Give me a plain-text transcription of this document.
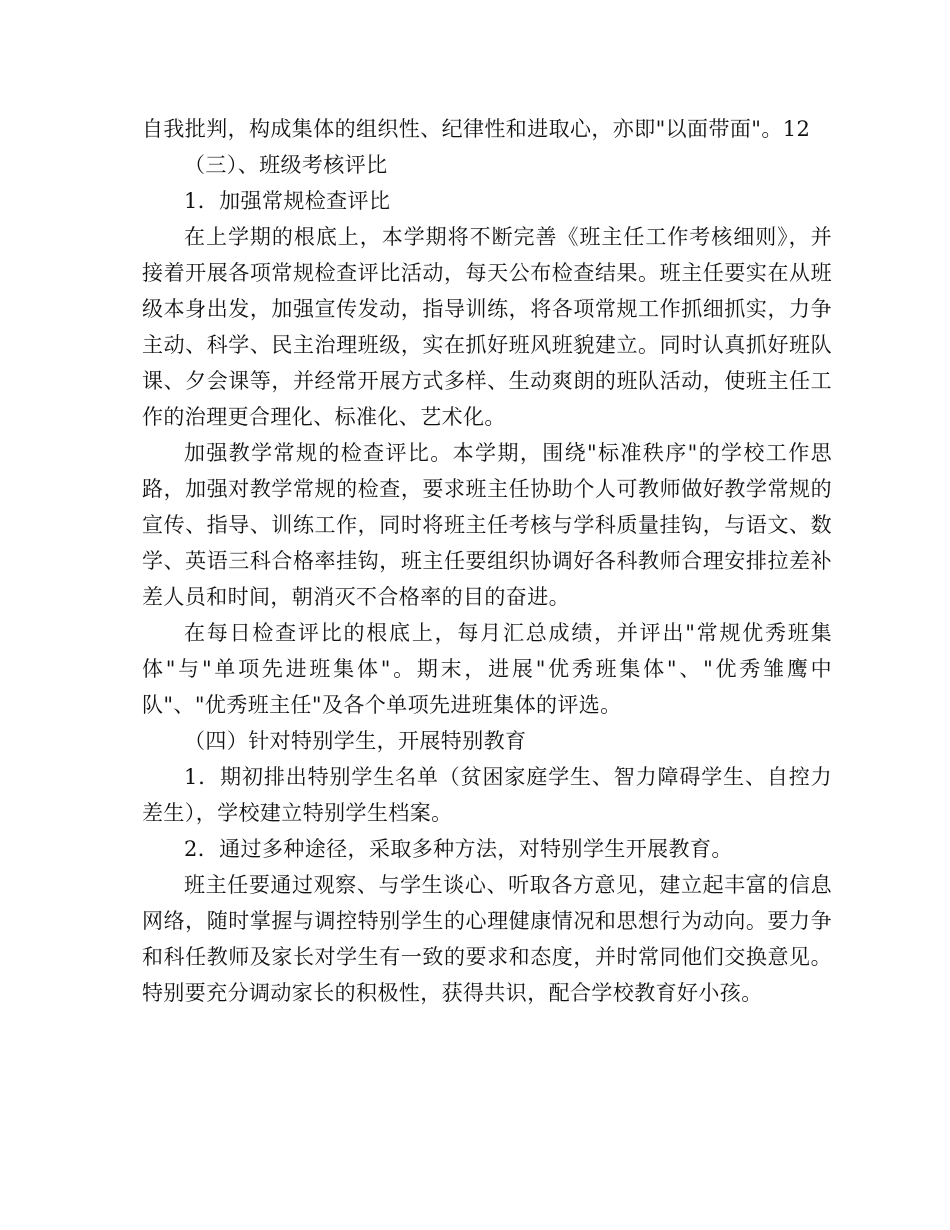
自我批判，构成集体的组织性、纪律性和进取心，亦即"以面带面"。12

（三）、班级考核评比

1．加强常规检查评比

在上学期的根底上，本学期将不断完善《班主任工作考核细则》，并接着开展各项常规检查评比活动，每天公布检查结果。班主任要实在从班级本身出发，加强宣传发动，指导训练，将各项常规工作抓细抓实，力争主动、科学、民主治理班级，实在抓好班风班貌建立。同时认真抓好班队课、夕会课等，并经常开展方式多样、生动爽朗的班队活动，使班主任工作的治理更合理化、标准化、艺术化。

加强教学常规的检查评比。本学期，围绕"标准秩序"的学校工作思路，加强对教学常规的检查，要求班主任协助个人可教师做好教学常规的宣传、指导、训练工作，同时将班主任考核与学科质量挂钩，与语文、数学、英语三科合格率挂钩，班主任要组织协调好各科教师合理安排拉差补差人员和时间，朝消灭不合格率的目的奋进。

在每日检查评比的根底上，每月汇总成绩，并评出"常规优秀班集体"与"单项先进班集体"。期末，进展"优秀班集体"、"优秀雏鹰中队"、"优秀班主任"及各个单项先进班集体的评选。

（四）针对特别学生，开展特别教育

1．期初排出特别学生名单（贫困家庭学生、智力障碍学生、自控力差生），学校建立特别学生档案。

2．通过多种途径，采取多种方法，对特别学生开展教育。

班主任要通过观察、与学生谈心、听取各方意见，建立起丰富的信息网络，随时掌握与调控特别学生的心理健康情况和思想行为动向。要力争和科任教师及家长对学生有一致的要求和态度，并时常同他们交换意见。特别要充分调动家长的积极性，获得共识，配合学校教育好小孩。
